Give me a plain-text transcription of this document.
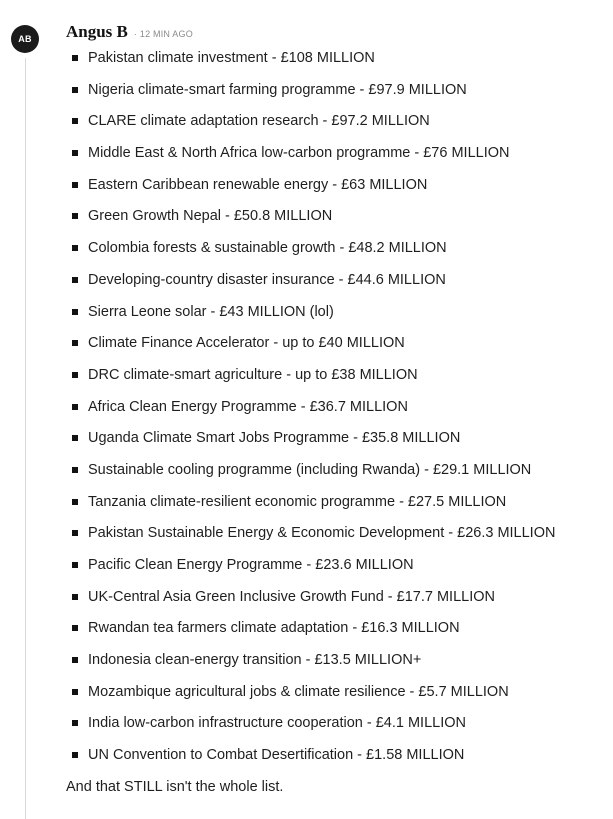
AB Angus B · 12 MIN AGO
Pakistan climate investment - £108 MILLION
Nigeria climate-smart farming programme - £97.9 MILLION
CLARE climate adaptation research - £97.2 MILLION
Middle East & North Africa low-carbon programme - £76 MILLION
Eastern Caribbean renewable energy - £63 MILLION
Green Growth Nepal - £50.8 MILLION
Colombia forests & sustainable growth - £48.2 MILLION
Developing-country disaster insurance - £44.6 MILLION
Sierra Leone solar - £43 MILLION (lol)
Climate Finance Accelerator - up to £40 MILLION
DRC climate-smart agriculture - up to £38 MILLION
Africa Clean Energy Programme - £36.7 MILLION
Uganda Climate Smart Jobs Programme - £35.8 MILLION
Sustainable cooling programme (including Rwanda) - £29.1 MILLION
Tanzania climate-resilient economic programme - £27.5 MILLION
Pakistan Sustainable Energy & Economic Development - £26.3 MILLION
Pacific Clean Energy Programme - £23.6 MILLION
UK-Central Asia Green Inclusive Growth Fund - £17.7 MILLION
Rwandan tea farmers climate adaptation - £16.3 MILLION
Indonesia clean-energy transition - £13.5 MILLION+
Mozambique agricultural jobs & climate resilience - £5.7 MILLION
India low-carbon infrastructure cooperation - £4.1 MILLION
UN Convention to Combat Desertification - £1.58 MILLION
And that STILL isn't the whole list.
